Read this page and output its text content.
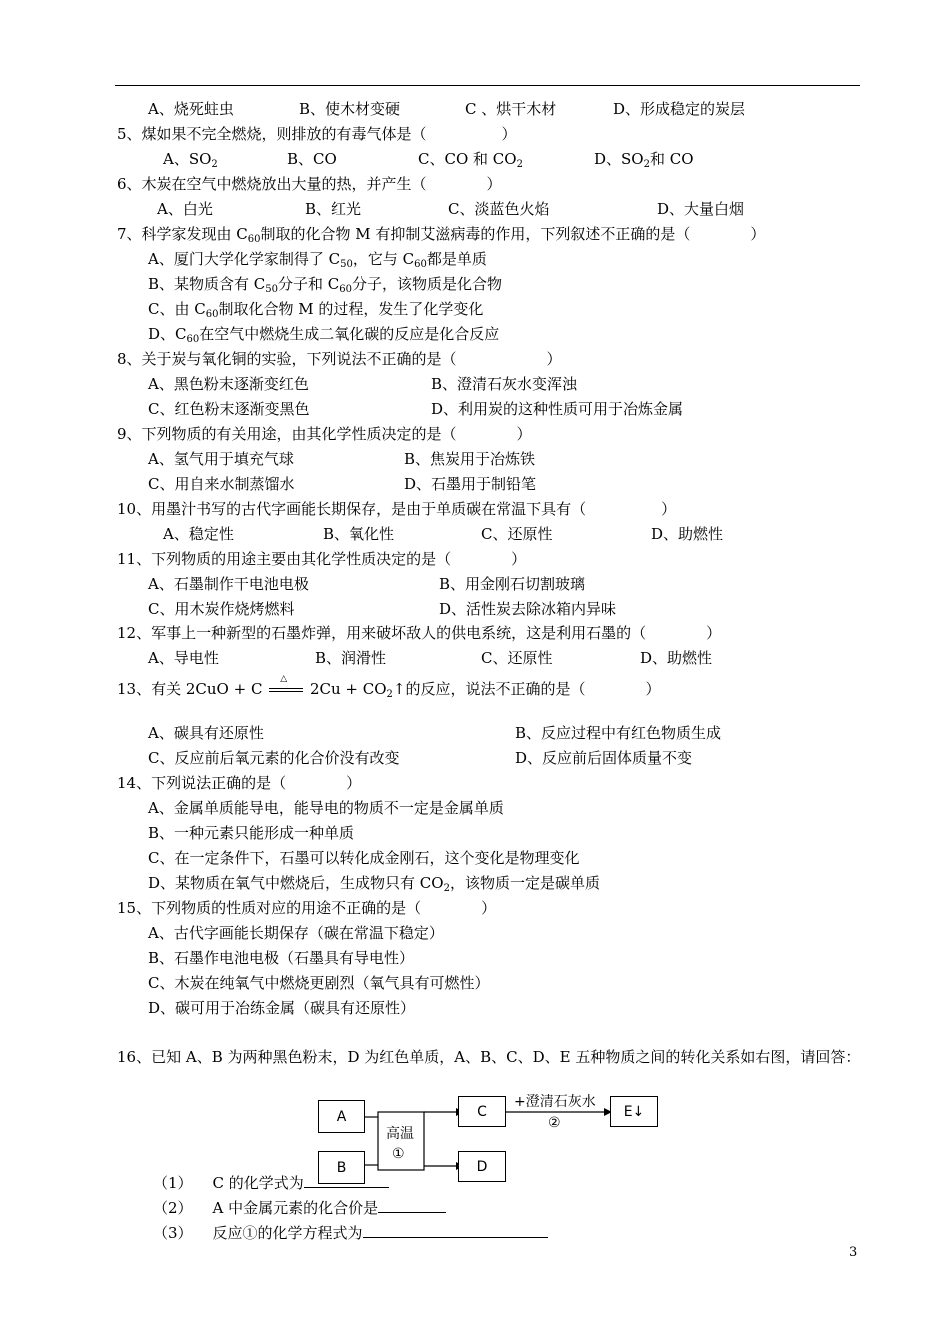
A、烧死蛀虫	B、使木材变硬	C 、烘干木材	D、形成稳定的炭层
5、煤如果不完全燃烧，则排放的有毒气体是（　　　　　）
A、$SO_2$	B、CO	C、CO 和 $CO_2$	D、$SO_2$和 CO
6、木炭在空气中燃烧放出大量的热，并产生（　　　　）
A、白光	B、红光	C、淡蓝色火焰	D、大量白烟
7、科学家发现由 $C_{60}$制取的化合物 M 有抑制艾滋病毒的作用，下列叙述不正确的是（　　　　）
A、厦门大学化学家制得了 $C_{50}$，它与 $C_{60}$都是单质
B、某物质含有 $C_{50}$分子和 $C_{60}$分子，该物质是化合物
C、由 $C_{60}$制取化合物 M 的过程，发生了化学变化
D、$C_{60}$在空气中燃烧生成二氧化碳的反应是化合反应
8、关于炭与氧化铜的实验，下列说法不正确的是（　　　　　　）
A、黑色粉末逐渐变红色	B、澄清石灰水变浑浊
C、红色粉末逐渐变黑色	D、利用炭的这种性质可用于冶炼金属
9、下列物质的有关用途，由其化学性质决定的是（　　　　）
A、氢气用于填充气球	B、焦炭用于冶炼铁
C、用自来水制蒸馏水	D、石墨用于制铅笔
10、用墨汁书写的古代字画能长期保存，是由于单质碳在常温下具有（　　　　　）
A、稳定性	B、氧化性	C、还原性	D、助燃性
11、下列物质的用途主要由其化学性质决定的是（　　　　）
A、石墨制作干电池电极	B、用金刚石切割玻璃
C、用木炭作烧烤燃料	D、活性炭去除冰箱内异味
12、军事上一种新型的石墨炸弹，用来破坏敌人的供电系统，这是利用石墨的（　　　　）
A、导电性	B、润滑性	C、还原性	D、助燃性
13、有关 2CuO + C
△
$2Cu + CO_2↑$的反应，说法不正确的是（　　　　）
A、碳具有还原性	B、反应过程中有红色物质生成
C、反应前后氧元素的化合价没有改变	D、反应前后固体质量不变
14、下列说法正确的是（　　　　）
A、金属单质能导电，能导电的物质不一定是金属单质
B、一种元素只能形成一种单质
C、在一定条件下，石墨可以转化成金刚石，这个变化是物理变化
D、某物质在氧气中燃烧后，生成物只有 $CO_2$，该物质一定是碳单质
15、下列物质的性质对应的用途不正确的是（　　　　）
A、古代字画能长期保存（碳在常温下稳定）
B、石墨作电池电极（石墨具有导电性）
C、木炭在纯氧气中燃烧更剧烈（氧气具有可燃性）
D、碳可用于冶练金属（碳具有还原性）
16、已知 A、B 为两种黑色粉末，D 为红色单质，A、B、C、D、E 五种物质之间的转化关系如右图，请回答：
A
B
C
D
E↓
高温
①
+澄清石灰水
②
（1） C 的化学式为
（2） A 中金属元素的化合价是
（3） 反应①的化学方程式为
3
